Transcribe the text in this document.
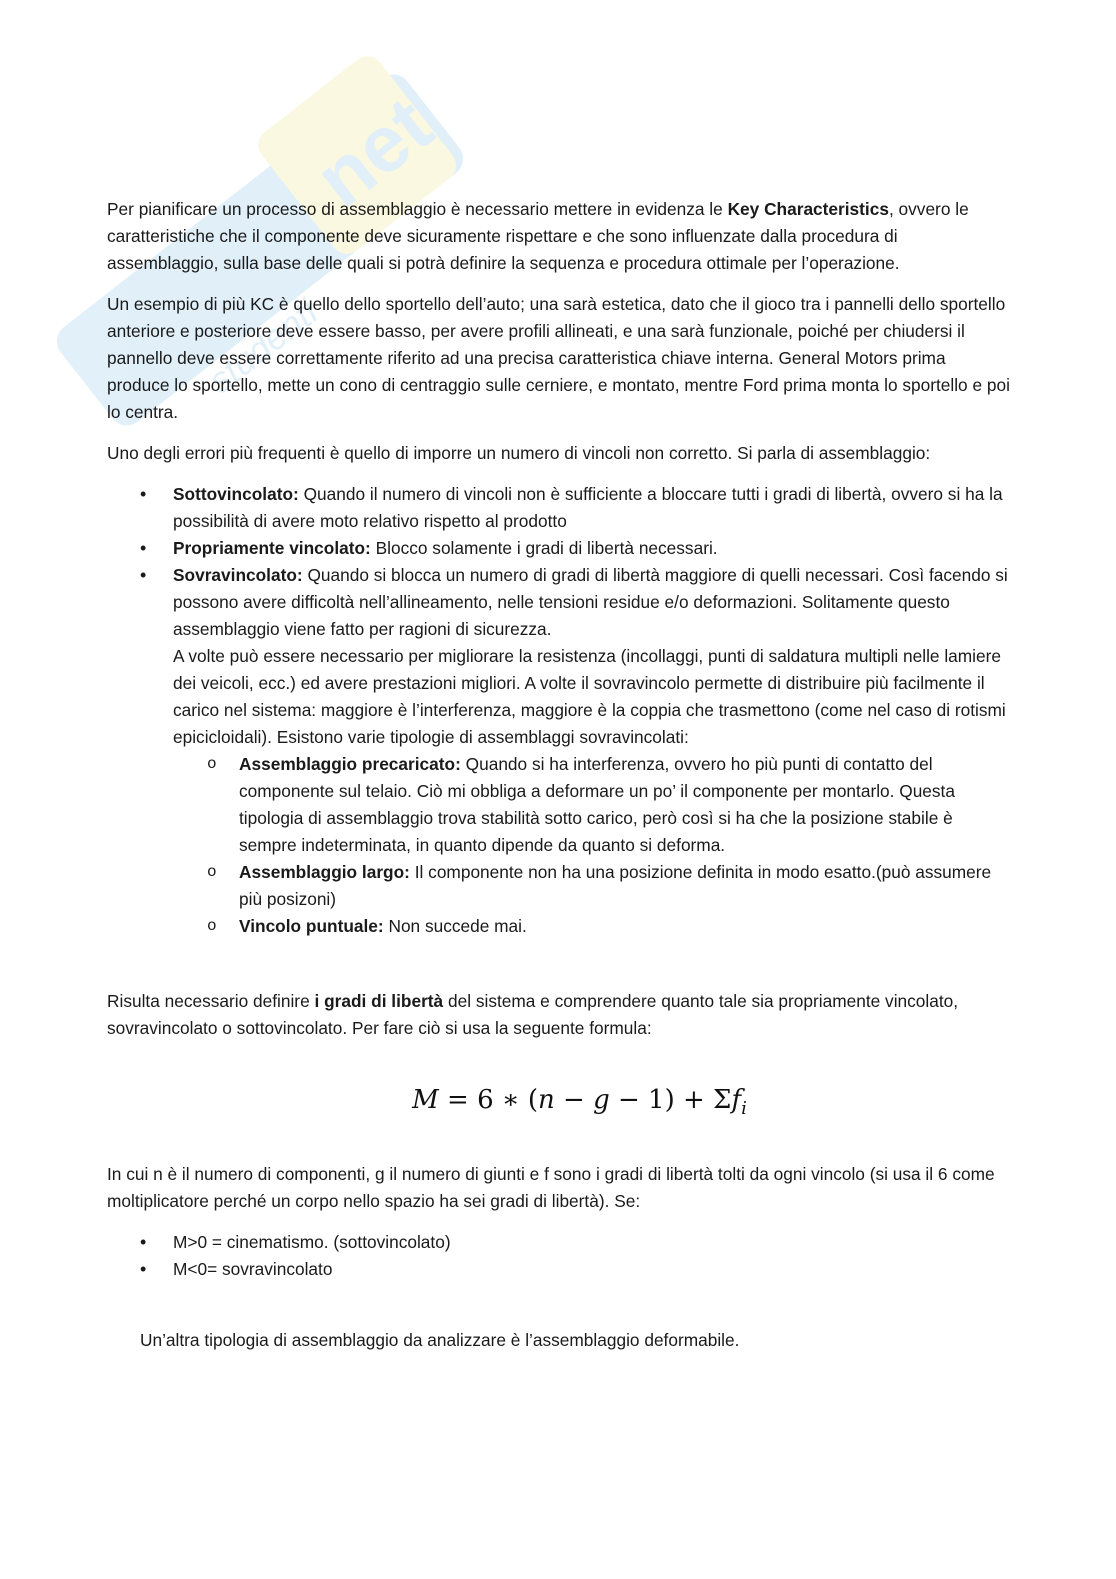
net
studenti

Per pianificare un processo di assemblaggio è necessario mettere in evidenza le Key Characteristics, ovvero le caratteristiche che il componente deve sicuramente rispettare e che sono influenzate dalla procedura di assemblaggio, sulla base delle quali si potrà definire la sequenza e procedura ottimale per l’operazione.

Un esempio di più KC è quello dello sportello dell’auto; una sarà estetica, dato che il gioco tra i pannelli dello sportello anteriore e posteriore deve essere basso, per avere profili allineati, e una sarà funzionale, poiché per chiudersi il pannello deve essere correttamente riferito ad una precisa caratteristica chiave interna. General Motors prima produce lo sportello, mette un cono di centraggio sulle cerniere, e montato, mentre Ford prima monta lo sportello e poi lo centra.

Uno degli errori più frequenti è quello di imporre un numero di vincoli non corretto. Si parla di assemblaggio:

• Sottovincolato: Quando il numero di vincoli non è sufficiente a bloccare tutti i gradi di libertà, ovvero si ha la possibilità di avere moto relativo rispetto al prodotto
• Propriamente vincolato: Blocco solamente i gradi di libertà necessari.
• Sovravincolato: Quando si blocca un numero di gradi di libertà maggiore di quelli necessari. Così facendo si possono avere difficoltà nell’allineamento, nelle tensioni residue e/o deformazioni. Solitamente questo assemblaggio viene fatto per ragioni di sicurezza.
A volte può essere necessario per migliorare la resistenza (incollaggi, punti di saldatura multipli nelle lamiere dei veicoli, ecc.) ed avere prestazioni migliori. A volte il sovravincolo permette di distribuire più facilmente il carico nel sistema: maggiore è l’interferenza, maggiore è la coppia che trasmettono (come nel caso di rotismi epicicloidali). Esistono varie tipologie di assemblaggi sovravincolati:
o Assemblaggio precaricato: Quando si ha interferenza, ovvero ho più punti di contatto del componente sul telaio. Ciò mi obbliga a deformare un po’ il componente per montarlo. Questa tipologia di assemblaggio trova stabilità sotto carico, però così si ha che la posizione stabile è sempre indeterminata, in quanto dipende da quanto si deforma.
o Assemblaggio largo: Il componente non ha una posizione definita in modo esatto.(può assumere più posizoni)
o Vincolo puntuale: Non succede mai.

Risulta necessario definire i gradi di libertà del sistema e comprendere quanto tale sia propriamente vincolato, sovravincolato o sottovincolato. Per fare ciò si usa la seguente formula:

M = 6 ∗ $(n - g - 1) + \Sigma f_i$

In cui n è il numero di componenti, g il numero di giunti e f sono i gradi di libertà tolti da ogni vincolo (si usa il 6 come moltiplicatore perché un corpo nello spazio ha sei gradi di libertà). Se:

• M>0 = cinematismo. (sottovincolato)
• M<0= sovravincolato

Un’altra tipologia di assemblaggio da analizzare è l’assemblaggio deformabile.
